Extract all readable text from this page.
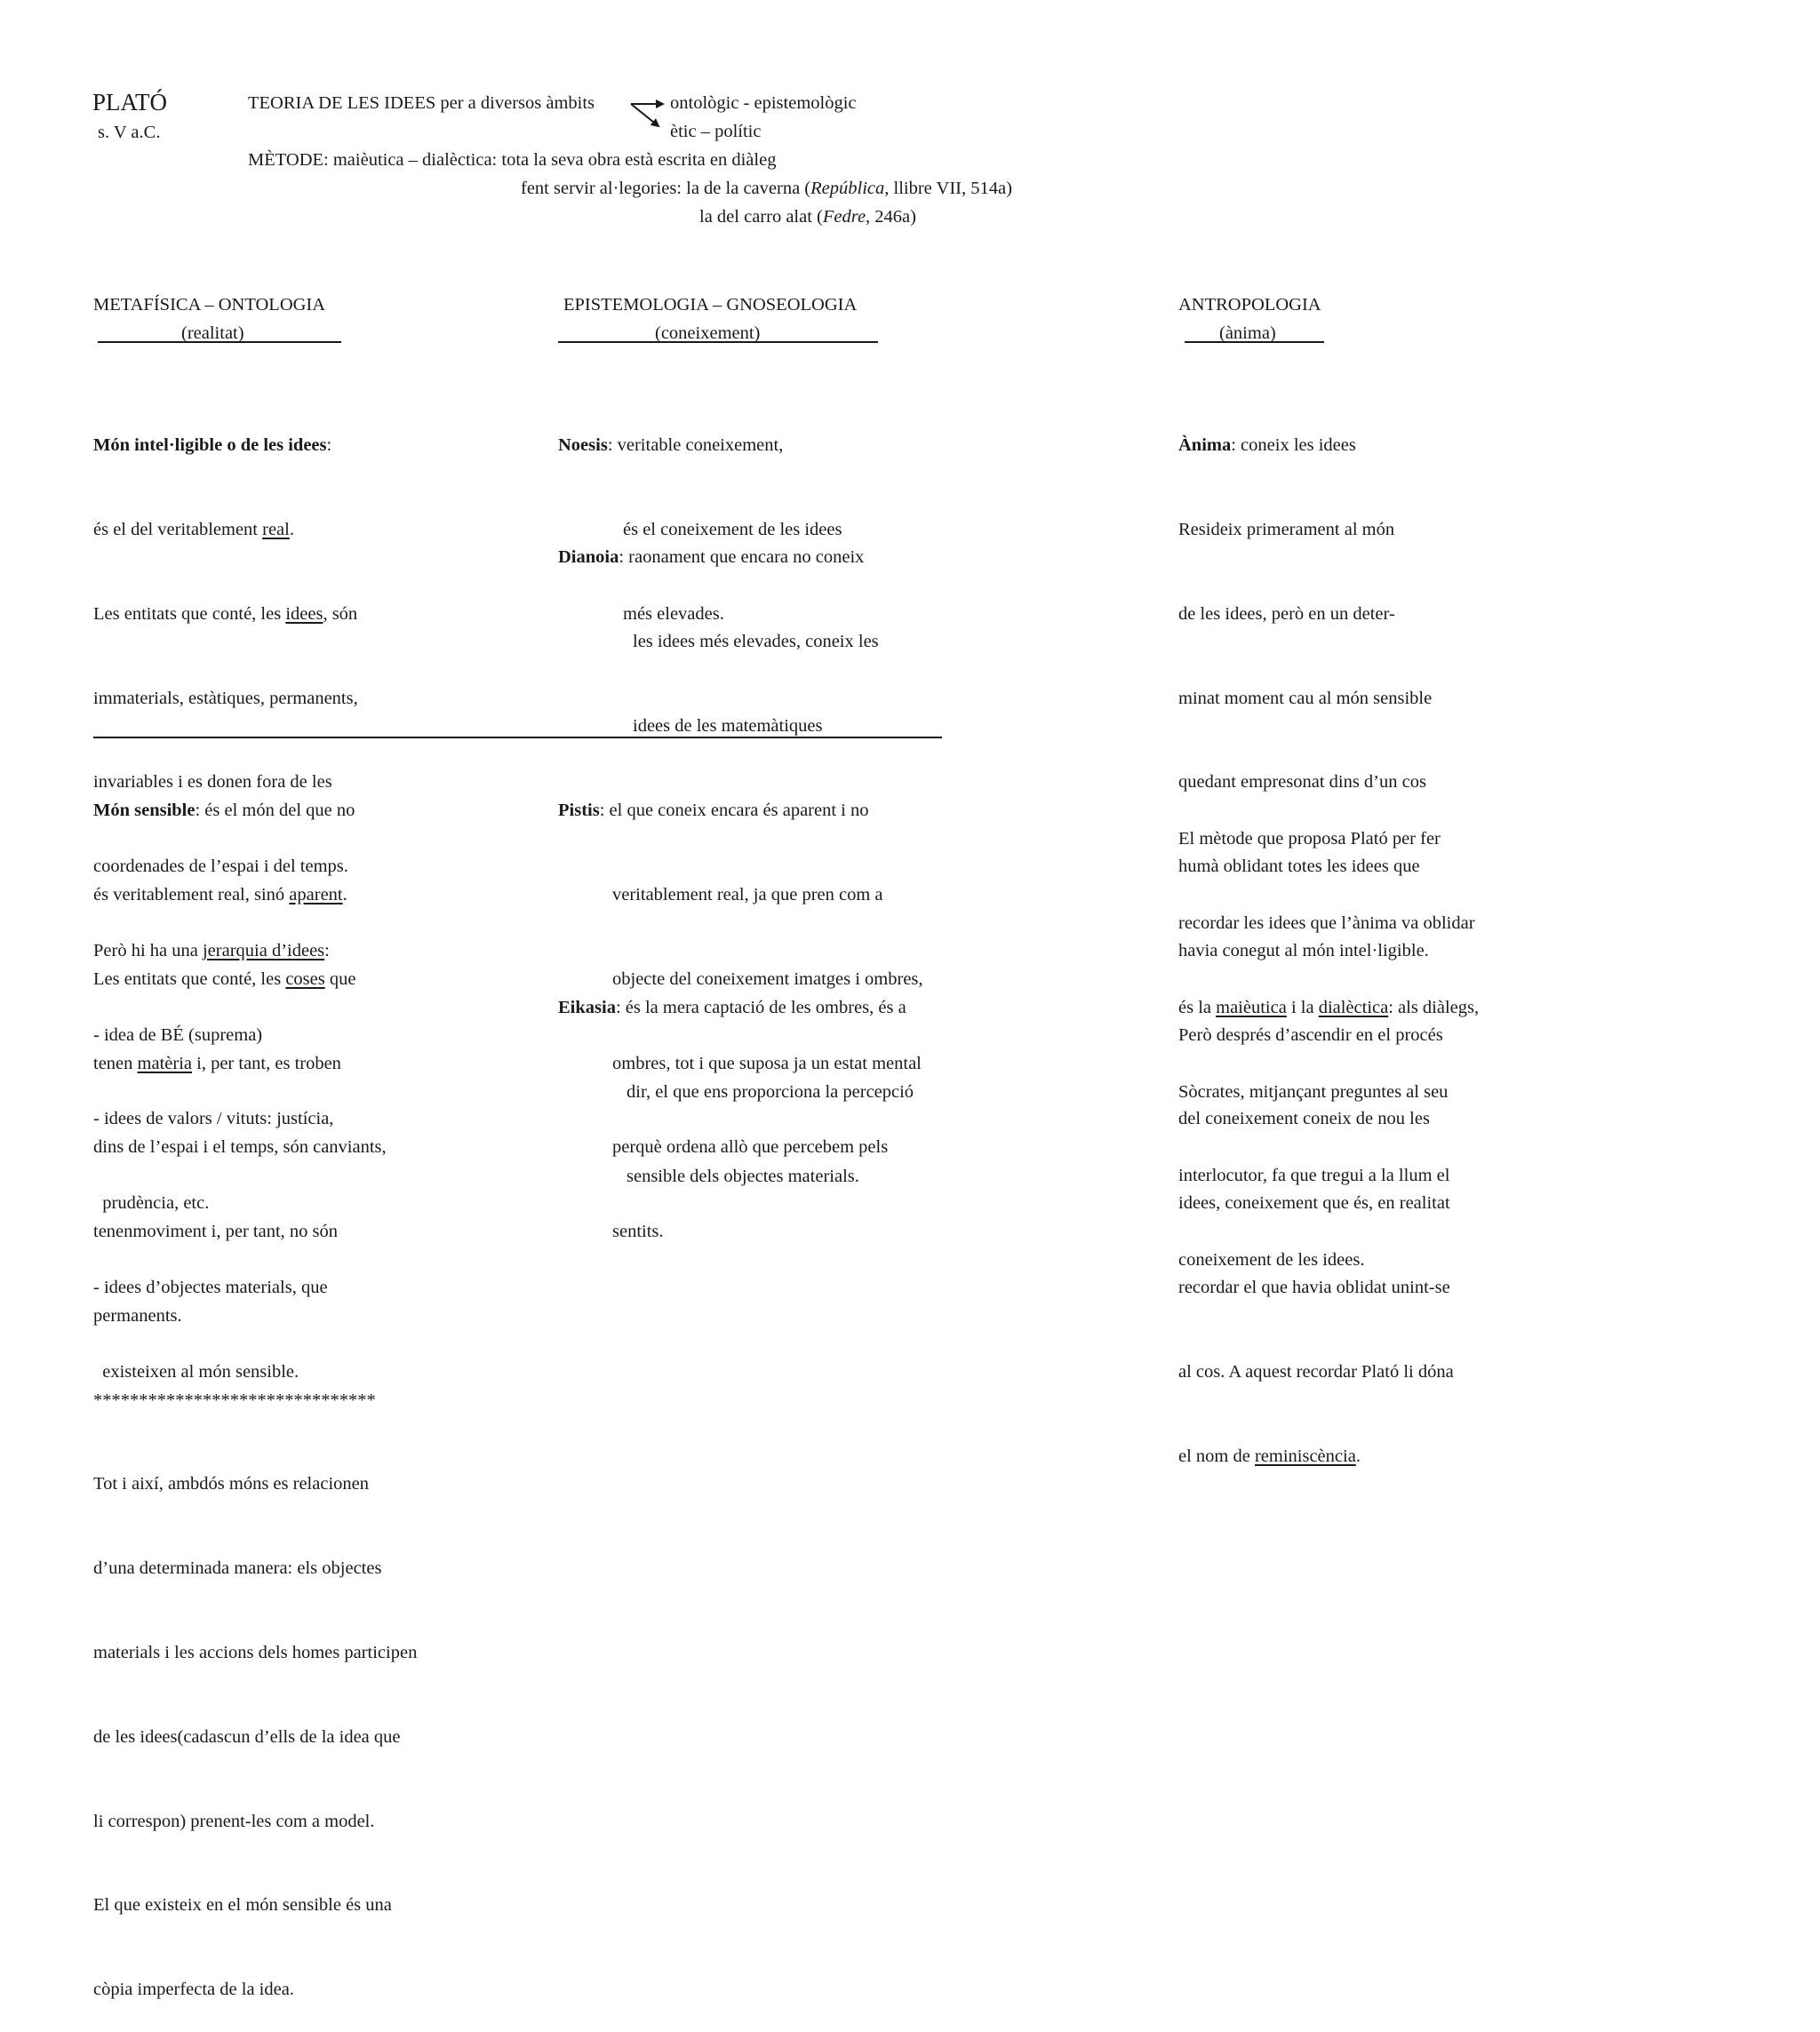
PLATÓ
s. V a.C.
TEORIA DE LES IDEES per a diversos àmbits	ontològic - epistemològic
ètic – polític
MÈTODE: maièutica – dialèctica: tota la seva obra està escrita en diàleg
fent servir al·legories: la de la caverna (República, llibre VII, 514a)
la del carro alat (Fedre, 246a)
METAFÍSICA – ONTOLOGIA
(realitat)
EPISTEMOLOGIA – GNOSEOLOGIA
(coneixement)
ANTROPOLOGIA
(ànima)

Món intel·ligible o de les idees:

és el del veritablement real.

Les entitats que conté, les idees, són

immaterials, estàtiques, permanents,

invariables i es donen fora de les

coordenades de l’espai i del temps.

Però hi ha una jerarquia d’idees:

- idea de BÉ (suprema)

- idees de valors / vituts: justícia,

prudència, etc.

- idees d’objectes materials, que

existeixen al món sensible.

Món sensible: és el món del que no

és veritablement real, sinó aparent.

Les entitats que conté, les coses que

tenen matèria i, per tant, es troben

dins de l’espai i el temps, són canviants,

tenenmoviment i, per tant, no són

permanents.

*******************************

Tot i així, ambdós móns es relacionen

d’una determinada manera: els objectes

materials i les accions dels homes participen

de les idees(cadascun d’ells de la idea que

li correspon) prenent-les com a model.

El que existeix en el món sensible és una

còpia imperfecta de la idea.

Noesis: veritable coneixement,

és el coneixement de les idees

més elevades.

Dianoia: raonament que encara no coneix

les idees més elevades, coneix les

idees de les matemàtiques

Pistis: el que coneix encara és aparent i no

veritablement real, ja que pren com a

objecte del coneixement imatges i ombres,

ombres, tot i que suposa ja un estat mental

perquè ordena allò que percebem pels

sentits.

Eikasia: és la mera captació de les ombres, és a

dir, el que ens proporciona la percepció

sensible dels objectes materials.

Ànima: coneix les idees

Resideix primerament al món

de les idees, però en un deter-

minat moment cau al món sensible

quedant empresonat dins d’un cos

humà oblidant totes les idees que

havia conegut al món intel·ligible.

Però després d’ascendir en el procés

del coneixement coneix de nou les

idees, coneixement que és, en realitat

recordar el que havia oblidat unint-se

al cos. A aquest recordar Plató li dóna

el nom de reminiscència.

El mètode que proposa Plató per fer

recordar les idees que l’ànima va oblidar

és la maièutica i la dialèctica: als diàlegs,

Sòcrates, mitjançant preguntes al seu

interlocutor, fa que tregui a la llum el

coneixement de les idees.
